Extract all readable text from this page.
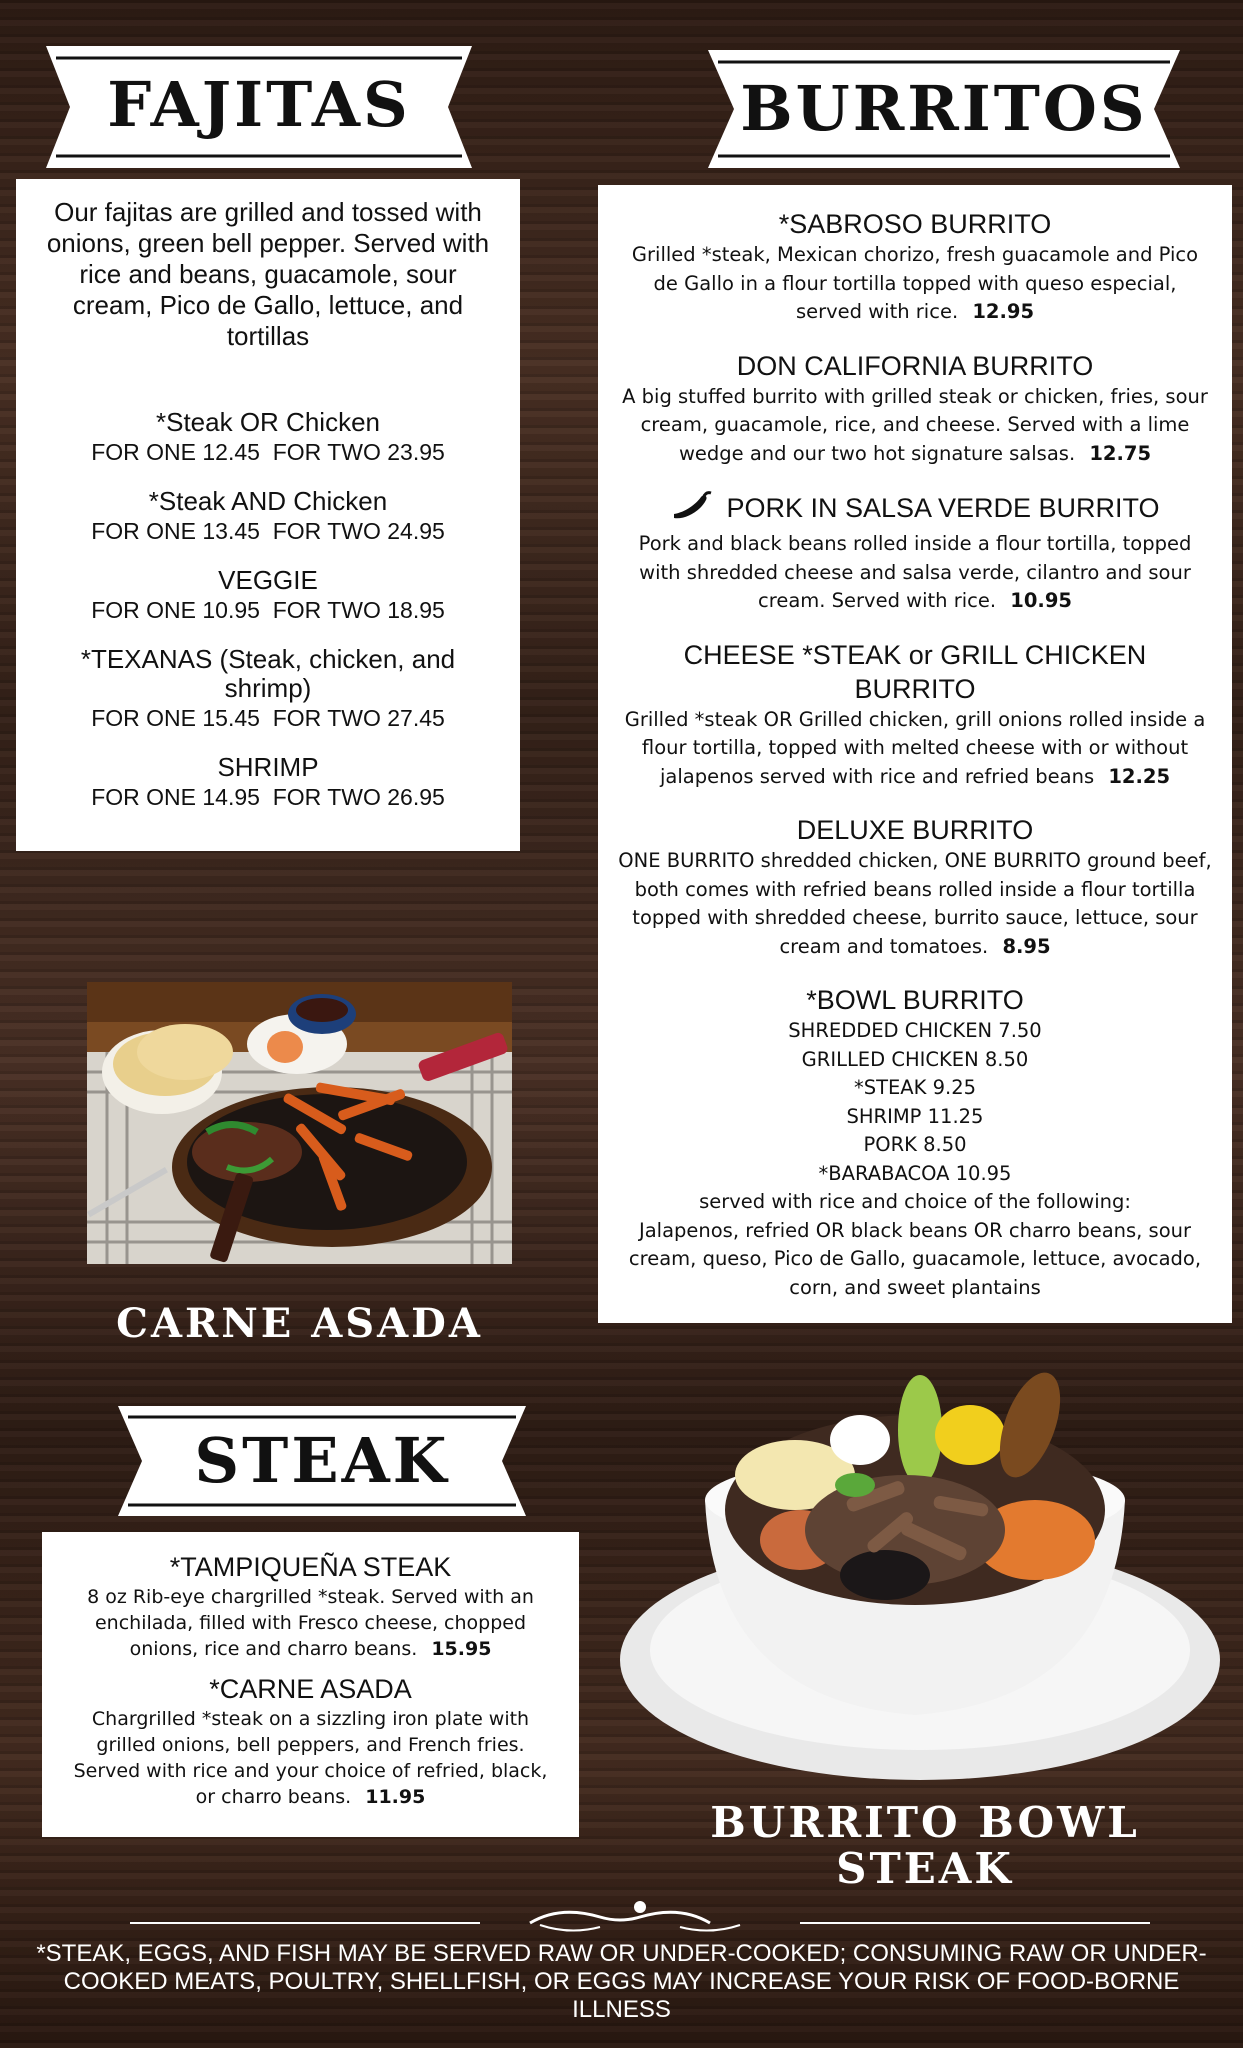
FAJITAS
Our fajitas are grilled and tossed with onions, green bell pepper. Served with rice and beans, guacamole, sour cream, Pico de Gallo, lettuce, and tortillas
*Steak OR Chicken
FOR ONE 12.45  FOR TWO 23.95
*Steak AND Chicken
FOR ONE 13.45  FOR TWO 24.95
VEGGIE
FOR ONE 10.95  FOR TWO 18.95
*TEXANAS (Steak, chicken, and shrimp)
FOR ONE 15.45  FOR TWO 27.45
SHRIMP
FOR ONE 14.95  FOR TWO 26.95
CARNE ASADA
STEAK
*TAMPIQUEÑA STEAK
8 oz Rib-eye chargrilled *steak. Served with an enchilada, filled with Fresco cheese, chopped onions, rice and charro beans. 15.95
*CARNE ASADA
Chargrilled *steak on a sizzling iron plate with grilled onions, bell peppers, and French fries. Served with rice and your choice of refried, black, or charro beans. 11.95
BURRITOS
*SABROSO BURRITO
Grilled *steak, Mexican chorizo, fresh guacamole and Pico de Gallo in a flour tortilla topped with queso especial, served with rice. 12.95
DON CALIFORNIA BURRITO
A big stuffed burrito with grilled steak or chicken, fries, sour cream, guacamole, rice, and cheese. Served with a lime wedge and our two hot signature salsas. 12.75
PORK IN SALSA VERDE BURRITO
Pork and black beans rolled inside a flour tortilla, topped with shredded cheese and salsa verde, cilantro and sour cream. Served with rice. 10.95
CHEESE *STEAK or GRILL CHICKEN BURRITO
Grilled *steak OR Grilled chicken, grill onions rolled inside a flour tortilla, topped with melted cheese with or without jalapenos served with rice and refried beans 12.25
DELUXE BURRITO
ONE BURRITO shredded chicken, ONE BURRITO ground beef, both comes with refried beans rolled inside a flour tortilla topped with shredded cheese, burrito sauce, lettuce, sour cream and tomatoes. 8.95
*BOWL BURRITO
SHREDDED CHICKEN 7.50
GRILLED CHICKEN 8.50
*STEAK 9.25
SHRIMP 11.25
PORK 8.50
*BARABACOA 10.95
served with rice and choice of the following:
Jalapenos, refried OR black beans OR charro beans, sour cream, queso, Pico de Gallo, guacamole, lettuce, avocado, corn, and sweet plantains
BURRITO BOWL
STEAK
*STEAK, EGGS, AND FISH MAY BE SERVED RAW OR UNDER-COOKED; CONSUMING RAW OR UNDER-COOKED MEATS, POULTRY, SHELLFISH, OR EGGS MAY INCREASE YOUR RISK OF FOOD-BORNE ILLNESS
